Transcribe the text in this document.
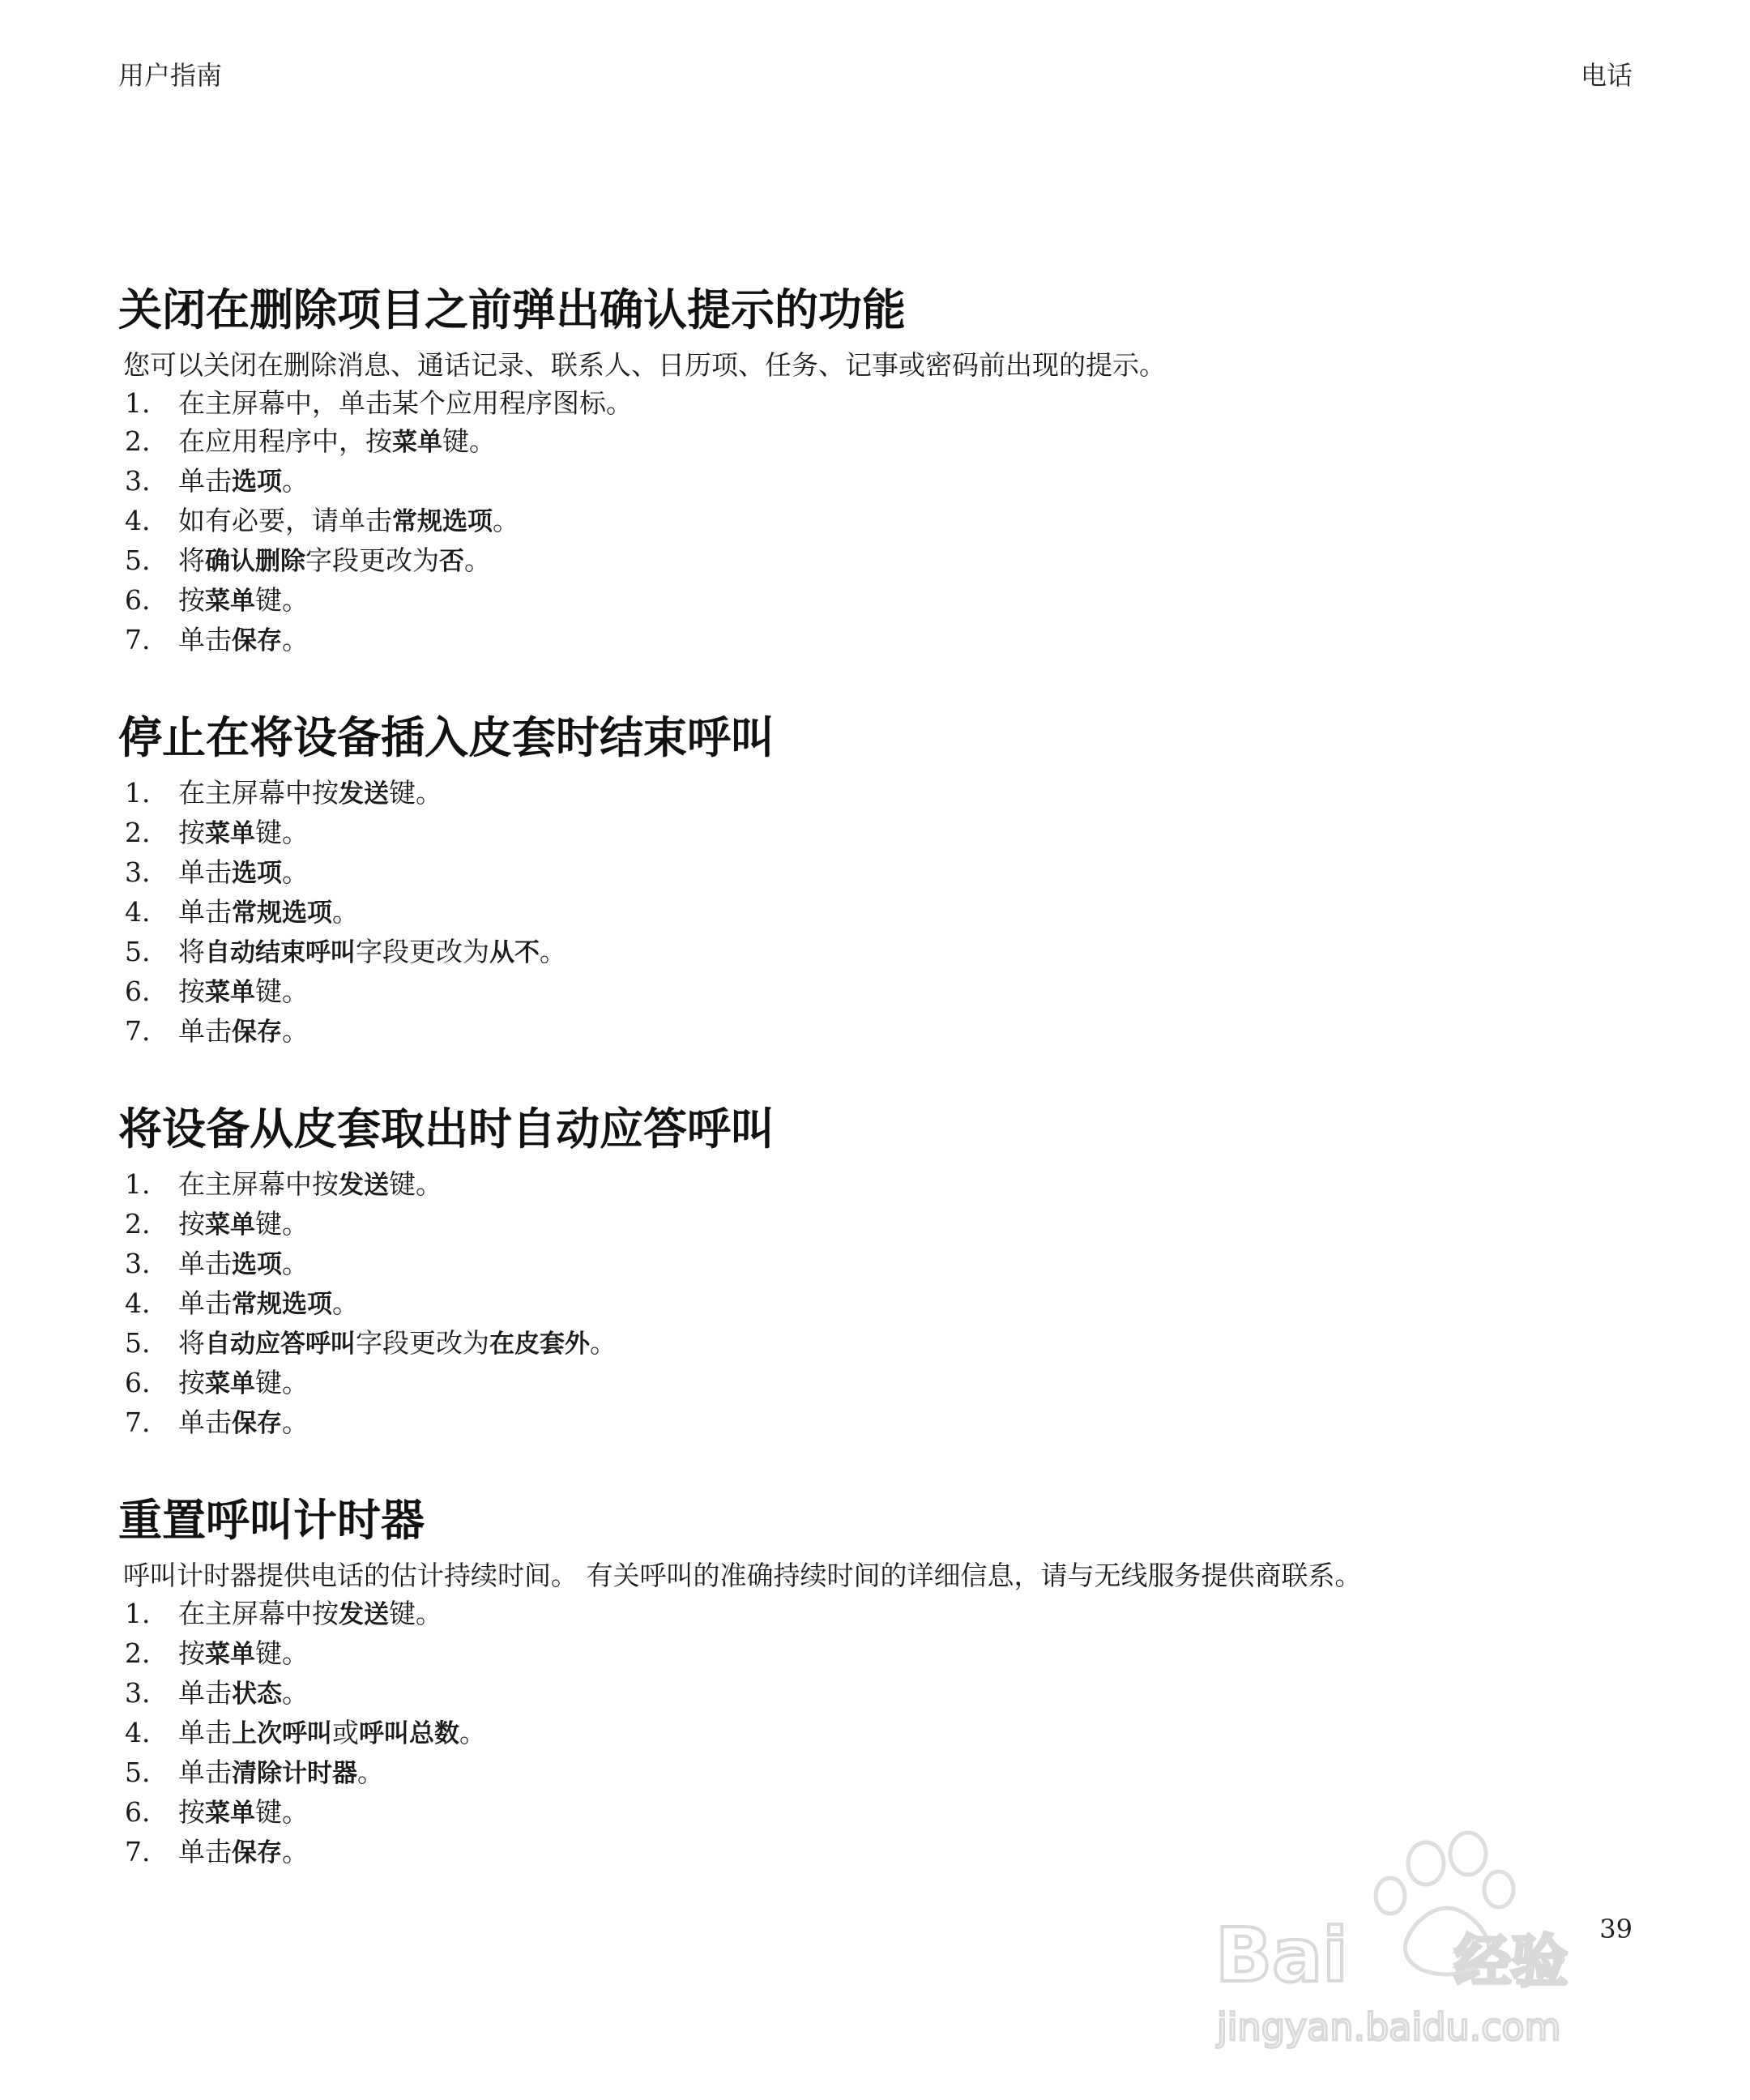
用户指南	电话
关闭在删除项目之前弹出确认提示的功能
您可以关闭在删除消息、通话记录、联系人、日历项、任务、记事或密码前出现的提示。
1.	在主屏幕中，单击某个应用程序图标。
2.	在应用程序中，按菜单键。
3.	单击选项。
4.	如有必要，请单击常规选项。
5.	将确认删除字段更改为否。
6.	按菜单键。
7.	单击保存。
停止在将设备插入皮套时结束呼叫
1.	在主屏幕中按发送键。
2.	按菜单键。
3.	单击选项。
4.	单击常规选项。
5.	将自动结束呼叫字段更改为从不。
6.	按菜单键。
7.	单击保存。
将设备从皮套取出时自动应答呼叫
1.	在主屏幕中按发送键。
2.	按菜单键。
3.	单击选项。
4.	单击常规选项。
5.	将自动应答呼叫字段更改为在皮套外。
6.	按菜单键。
7.	单击保存。
重置呼叫计时器
呼叫计时器提供电话的估计持续时间。 有关呼叫的准确持续时间的详细信息，请与无线服务提供商联系。
1.	在主屏幕中按发送键。
2.	按菜单键。
3.	单击状态。
4.	单击上次呼叫或呼叫总数。
5.	单击清除计时器。
6.	按菜单键。
7.	单击保存。
39
Bai 经验
jingyan.baidu.com
